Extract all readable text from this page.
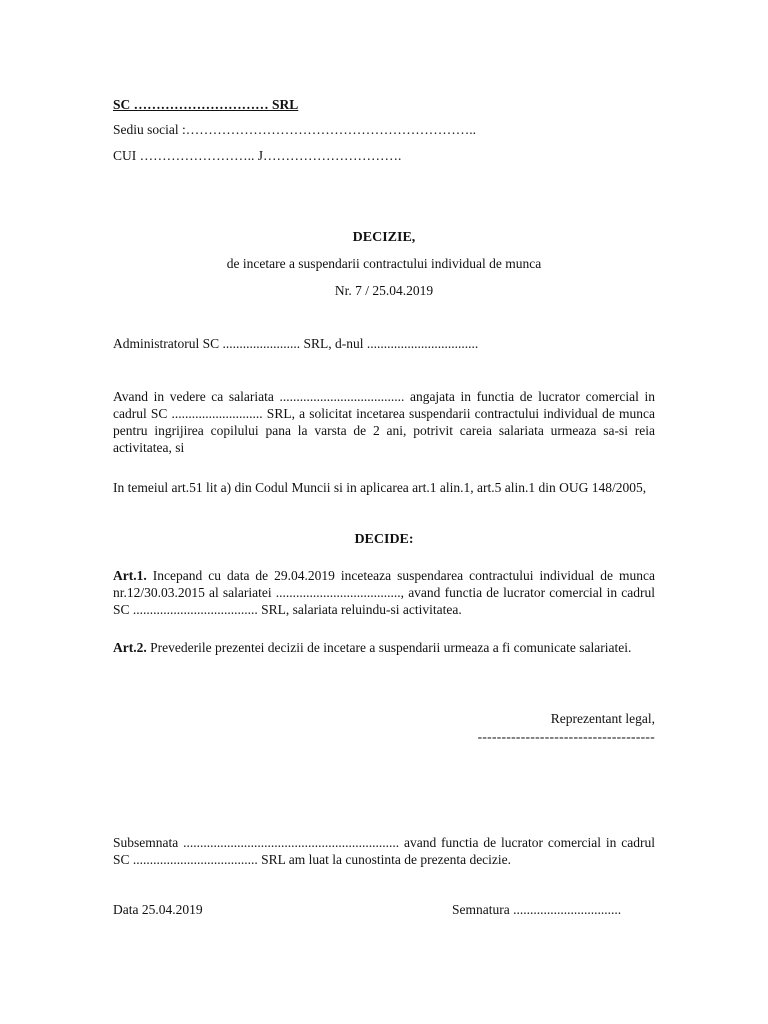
SC ………………………… SRL

Sediu social :………………………………………………………..

CUI …………………….. J………………………….

DECIZIE,

de incetare a suspendarii contractului individual de munca

Nr. 7 / 25.04.2019

Administratorul SC ....................... SRL, d-nul .................................

Avand in vedere ca salariata ..................................... angajata in functia de lucrator comercial in cadrul SC ........................... SRL, a solicitat incetarea suspendarii contractului individual de munca pentru ingrijirea copilului pana la varsta de 2 ani, potrivit careia salariata urmeaza sa-si reia activitatea, si

In temeiul art.51 lit a) din Codul Muncii si in aplicarea art.1 alin.1, art.5 alin.1 din OUG 148/2005,

DECIDE:

Art.1. Incepand cu data de 29.04.2019 inceteaza suspendarea contractului individual de munca nr.12/30.03.2015 al salariatei ....................................., avand functia de lucrator comercial in cadrul SC ..................................... SRL, salariata reluindu-si activitatea.

Art.2. Prevederile prezentei decizii de incetare a suspendarii urmeaza a fi comunicate salariatei.

Reprezentant legal,

-------------------------------------

Subsemnata ................................................................ avand functia de lucrator comercial in cadrul SC ..................................... SRL am luat la cunostinta de prezenta decizie.

Data 25.04.2019	Semnatura ................................
